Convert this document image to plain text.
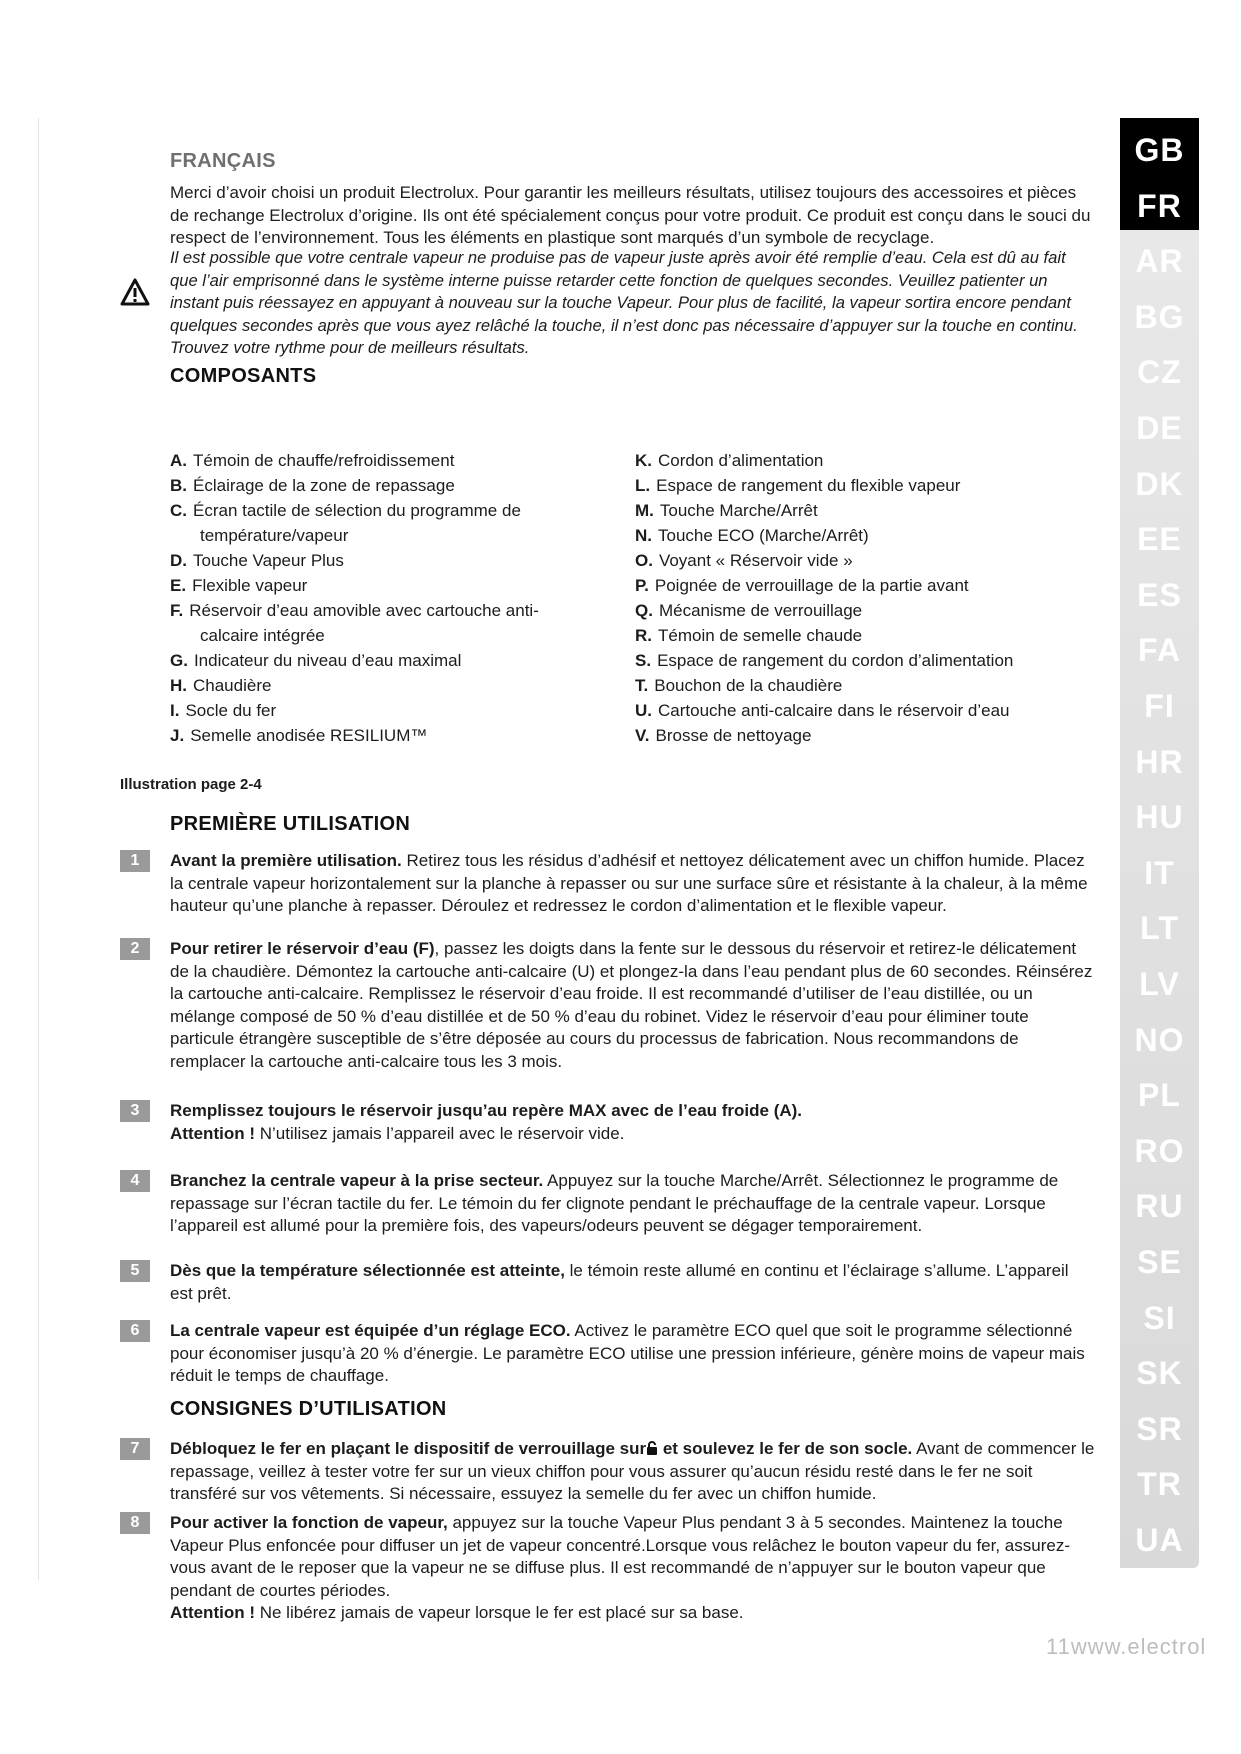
FRANÇAIS
Merci d’avoir choisi un produit Electrolux. Pour garantir les meilleurs résultats, utilisez toujours des accessoires et pièces de rechange Electrolux d’origine. Ils ont été spécialement conçus pour votre produit. Ce produit est conçu dans le souci du respect de l’environnement. Tous les éléments en plastique sont marqués d’un symbole de recyclage.
Il est possible que votre centrale vapeur ne produise pas de vapeur juste après avoir été remplie d’eau. Cela est dû au fait que l’air emprisonné dans le système interne puisse retarder cette fonction de quelques secondes. Veuillez patienter un instant puis réessayez en appuyant à nouveau sur la touche Vapeur. Pour plus de facilité, la vapeur sortira encore pendant quelques secondes après que vous ayez relâché la touche, il n’est donc pas nécessaire d’appuyer sur la touche en continu. Trouvez votre rythme pour de meilleurs résultats.
COMPOSANTS
A. Témoin de chauffe/refroidissement
B. Éclairage de la zone de repassage
C. Écran tactile de sélection du programme de
température/vapeur
D. Touche Vapeur Plus
E. Flexible vapeur
F. Réservoir d’eau amovible avec cartouche anti-
calcaire intégrée
G. Indicateur du niveau d’eau maximal
H. Chaudière
I. Socle du fer
J. Semelle anodisée RESILIUM™
K. Cordon d’alimentation
L. Espace de rangement du flexible vapeur
M. Touche Marche/Arrêt
N. Touche ECO (Marche/Arrêt)
O. Voyant « Réservoir vide »
P. Poignée de verrouillage de la partie avant
Q. Mécanisme de verrouillage
R. Témoin de semelle chaude
S. Espace de rangement du cordon d’alimentation
T. Bouchon de la chaudière
U. Cartouche anti-calcaire dans le réservoir d’eau
V. Brosse de nettoyage
Illustration page 2-4
PREMIÈRE UTILISATION
1	Avant la première utilisation. Retirez tous les résidus d’adhésif et nettoyez délicatement avec un chiffon humide. Placez la centrale vapeur horizontalement sur la planche à repasser ou sur une surface sûre et résistante à la chaleur, à la même hauteur qu’une planche à repasser. Déroulez et redressez le cordon d’alimentation et le flexible vapeur.
2	Pour retirer le réservoir d’eau (F), passez les doigts dans la fente sur le dessous du réservoir et retirez-le délicatement de la chaudière. Démontez la cartouche anti-calcaire (U) et plongez-la dans l’eau pendant plus de 60 secondes. Réinsérez la cartouche anti-calcaire. Remplissez le réservoir d’eau froide. Il est recommandé d’utiliser de l’eau distillée, ou un mélange composé de 50 % d’eau distillée et de 50 % d’eau du robinet. Videz le réservoir d’eau pour éliminer toute particule étrangère susceptible de s’être déposée au cours du processus de fabrication. Nous recommandons de remplacer la cartouche anti-calcaire tous les 3 mois.
3	Remplissez toujours le réservoir jusqu’au repère MAX avec de l’eau froide (A).
Attention ! N’utilisez jamais l’appareil avec le réservoir vide.
4	Branchez la centrale vapeur à la prise secteur. Appuyez sur la touche Marche/Arrêt. Sélectionnez le programme de repassage sur l’écran tactile du fer. Le témoin du fer clignote pendant le préchauffage de la centrale vapeur. Lorsque l’appareil est allumé pour la première fois, des vapeurs/odeurs peuvent se dégager temporairement.
5	Dès que la température sélectionnée est atteinte, le témoin reste allumé en continu et l’éclairage s’allume. L’appareil est prêt.
6	La centrale vapeur est équipée d’un réglage ECO. Activez le paramètre ECO quel que soit le programme sélectionné pour économiser jusqu’à 20 % d’énergie. Le paramètre ECO utilise une pression inférieure, génère moins de vapeur mais réduit le temps de chauffage.
CONSIGNES D’UTILISATION
7	Débloquez le fer en plaçant le dispositif de verrouillage sur et soulevez le fer de son socle. Avant de commencer le repassage, veillez à tester votre fer sur un vieux chiffon pour vous assurer qu’aucun résidu resté dans le fer ne soit transféré sur vos vêtements. Si nécessaire, essuyez la semelle du fer avec un chiffon humide.
8	Pour activer la fonction de vapeur, appuyez sur la touche Vapeur Plus pendant 3 à 5 secondes. Maintenez la touche Vapeur Plus enfoncée pour diffuser un jet de vapeur concentré.Lorsque vous relâchez le bouton vapeur du fer, assurez-vous avant de le reposer que la vapeur ne se diffuse plus. Il est recommandé de n’appuyer sur le bouton vapeur que pendant de courtes périodes.
Attention ! Ne libérez jamais de vapeur lorsque le fer est placé sur sa base.
GB
FR
AR
BG
CZ
DE
DK
EE
ES
FA
FI
HR
HU
IT
LT
LV
NO
PL
RO
RU
SE
SI
SK
SR
TR
UA
11www.electrol
